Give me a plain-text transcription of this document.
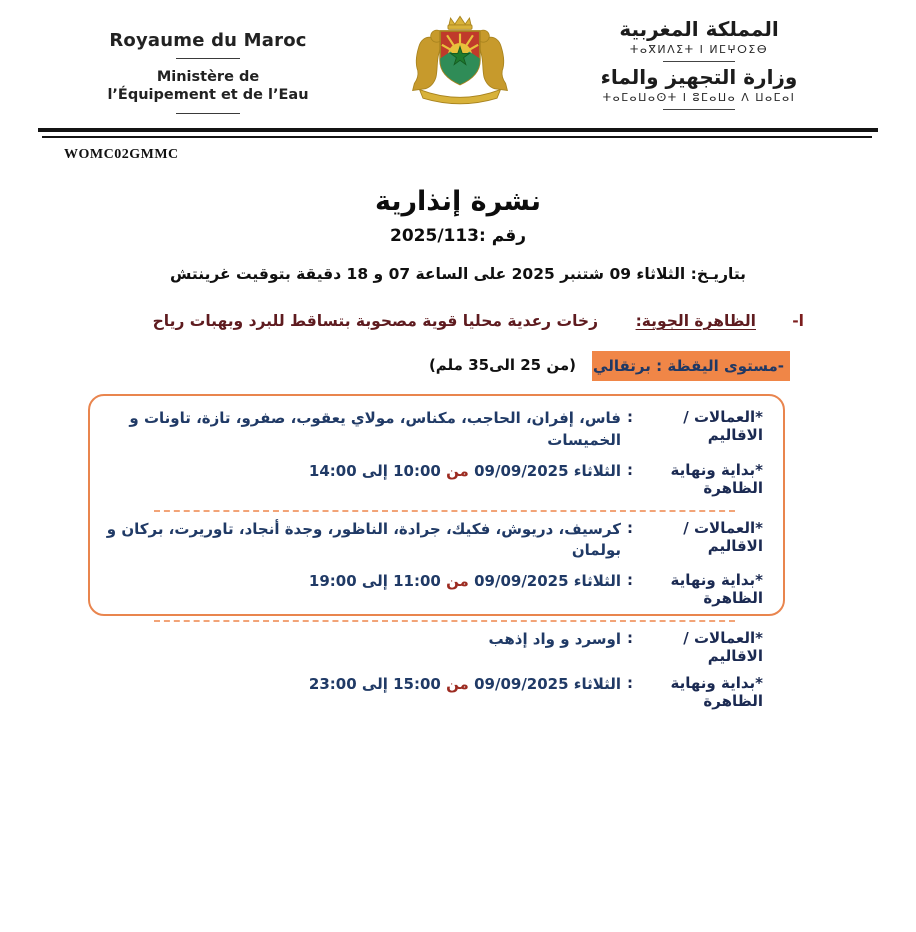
Royaume du Maroc
Ministère de
l’Équipement et de l’Eau
المملكة المغربية
ⵜⴰⴳⵍⴷⵉⵜ ⵏ ⵍⵎⵖⵔⵉⴱ
وزارة التجهيز والماء
ⵜⴰⵎⴰⵡⴰⵙⵜ ⵏ ⵓⵎⴰⵡⴰ ⴷ ⵡⴰⵎⴰⵏ
WOMC02GMMC
نشرة إنذارية
رقم :2025/113
بتاريـخ: الثلاثاء 09 شتنبر 2025 على الساعة 07 و 18 دقيقة بتوقيت غرينتش
ا-
الظاهرة الجوية:
زخات رعدية محليا قوية مصحوبة بتساقط للبرد وبهبات رياح
-مستوى اليقظة : برتقالي
(من 25 الى35 ملم)
*العمالات /الاقاليم
:
فاس، إفران، الحاجب، مكناس، مولاي يعقوب، صفرو، تازة، تاونات و الخميسات
*بداية ونهاية الظاهرة
:
الثلاثاء 09/09/2025 من 10:00 إلى 14:00
*العمالات /الاقاليم
:
كرسيف، دريوش، فكيك، جرادة، الناظور، وجدة أنجاد، تاوريرت، بركان و بولمان
*بداية ونهاية الظاهرة
:
الثلاثاء 09/09/2025 من 11:00 إلى 19:00
*العمالات /الاقاليم
:
اوسرد و واد إذهب
*بداية ونهاية الظاهرة
:
الثلاثاء 09/09/2025 من 15:00 إلى 23:00
